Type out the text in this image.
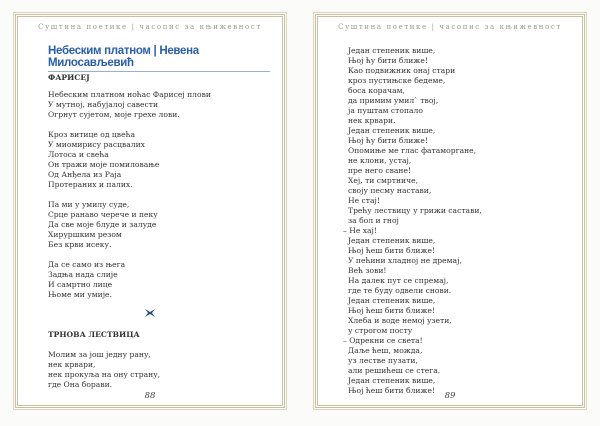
Суштина поетике | часопис за књижевност
Небеским платном | Невена Милосављевић
ФАРИСЕЈ
Небеским платном ноћас Фарисеј плови
У мутној, набујалој савести
Огрнут сујетом, моје грехе лови.
Кроз витице од цвећа
У миомирису расцвалих
Лотоса и свећа
Он тражи моје помиловање
Од Анђела из Раја
Протераних и палих.
Па ми у умилу суде,
Срце ранаво черече и пеку
Да све моје блуде и залуде
Хируршким резом
Без крви исеку.
Да се само из њега
Задња нада слије
И самртно лице
Њоме ми умије.
ТРНОВА ЛЕСТВИЦА
Молим за још једну рану,
нек крвари,
нек прокуља на ону страну,
где Она борави.
88
Суштина поетике | часопис за књижевност
Један степеник више,
Њој ћу бити ближе!
Као подвижник онај стари
кроз пустињске бедеме,
боса корачам,
да примим умил` твој,
ја пуштам стопало
нек крвари.
Један степеник више,
Њој ћу бити ближе!
Опомиње ме глас фатаморгане,
не клони, устај,
пре него сване!
Хеј, ти смртниче,
своју песму настави,
Не стај!
Трећу лествицу у грижи састави,
за бол и гној
– Не хај!
Један степеник више,
Њој ћеш бити ближе!
У пећини хладној не дремај,
Већ зови!
На далек пут се спремај,
где те буду одвели снови.
Један степеник више,
Њој ћеш бити ближе!
Хлеба и воде немој узети,
у строгом посту
– Одрекни се света!
Даље ћеш, можда,
уз лестве пузати,
али решићеш се стега.
Један степеник више,
Њој ћеш бити ближе!
89
